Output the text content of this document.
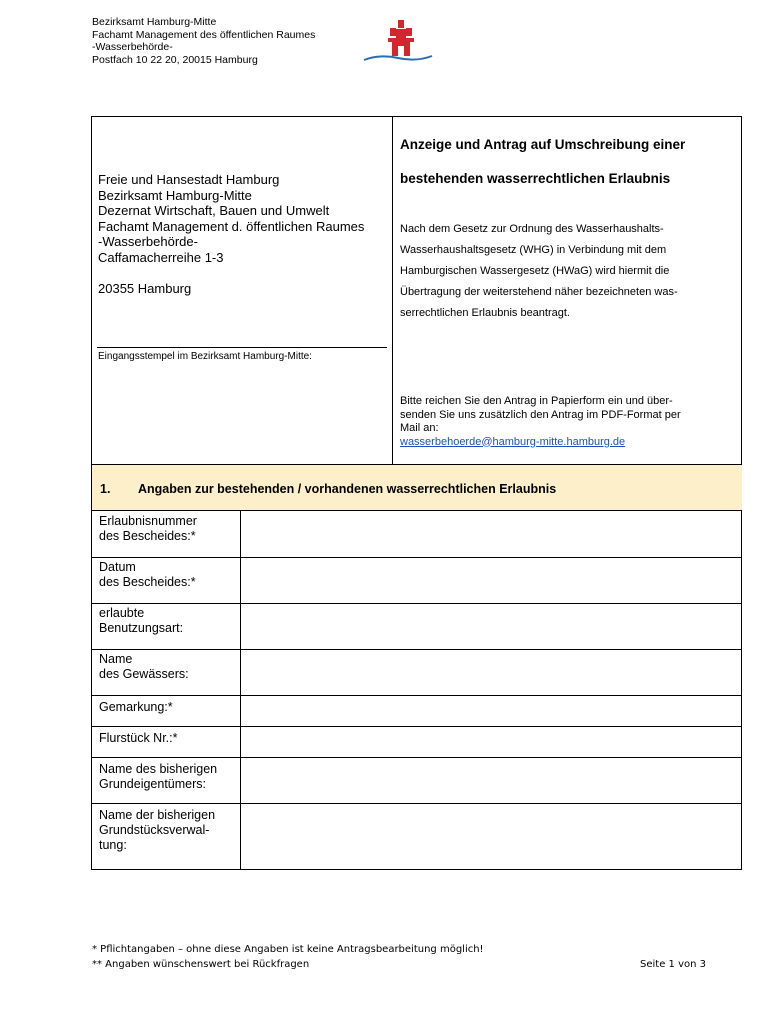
Bezirksamt Hamburg-Mitte
Fachamt Management des öffentlichen Raumes
-Wasserbehörde-
Postfach 10 22 20, 20015 Hamburg
Freie und Hansestadt Hamburg
Bezirksamt Hamburg-Mitte
Dezernat Wirtschaft, Bauen und Umwelt
Fachamt Management d. öffentlichen Raumes
-Wasserbehörde-
Caffamacherreihe 1-3
20355 Hamburg
Eingangsstempel im Bezirksamt Hamburg-Mitte:
Anzeige und Antrag auf Umschreibung einer
bestehenden wasserrechtlichen Erlaubnis
Nach dem Gesetz zur Ordnung des Wasserhaushalts-
Wasserhaushaltsgesetz (WHG) in Verbindung mit dem
Hamburgischen Wassergesetz (HWaG) wird hiermit die
Übertragung der weiterstehend näher bezeichneten was-
serrechtlichen Erlaubnis beantragt.
Bitte reichen Sie den Antrag in Papierform ein und über-
senden Sie uns zusätzlich den Antrag im PDF-Format per
Mail an:
wasserbehoerde@hamburg-mitte.hamburg.de
1. Angaben zur bestehenden / vorhandenen wasserrechtlichen Erlaubnis
Erlaubnisnummer
des Bescheides:*
Datum
des Bescheides:*
erlaubte
Benutzungsart:
Name
des Gewässers:
Gemarkung:*
Flurstück Nr.:*
Name des bisherigen
Grundeigentümers:
Name der bisherigen
Grundstücksverwal-
tung:
* Pflichtangaben – ohne diese Angaben ist keine Antragsbearbeitung möglich!
** Angaben wünschenswert bei Rückfragen	Seite 1 von 3
